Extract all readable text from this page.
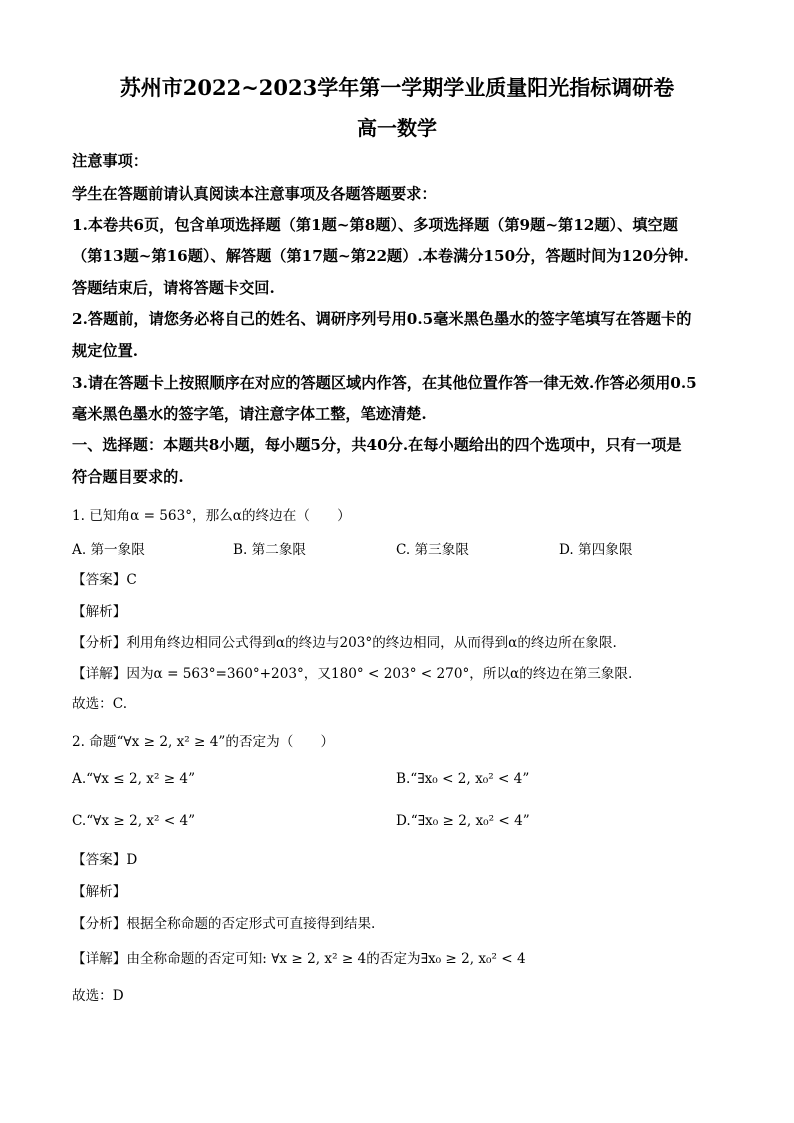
苏州市2022~2023学年第一学期学业质量阳光指标调研卷
高一数学
注意事项：
学生在答题前请认真阅读本注意事项及各题答题要求：
1.本卷共6页，包含单项选择题（第1题~第8题）、多项选择题（第9题~第12题）、填空题
（第13题~第16题）、解答题（第17题~第22题）.本卷满分150分，答题时间为120分钟.
答题结束后，请将答题卡交回.
2.答题前，请您务必将自己的姓名、调研序列号用0.5毫米黑色墨水的签字笔填写在答题卡的
规定位置.
3.请在答题卡上按照顺序在对应的答题区域内作答，在其他位置作答一律无效.作答必须用0.5
毫米黑色墨水的签字笔，请注意字体工整，笔迹清楚.
一、选择题：本题共8小题，每小题5分，共40分.在每小题给出的四个选项中，只有一项是
符合题目要求的.
1. 已知角α = 563°，那么α的终边在（　　）
A. 第一象限	B. 第二象限	C. 第三象限	D. 第四象限
【答案】C
【解析】
【分析】利用角终边相同公式得到α的终边与203°的终边相同，从而得到α的终边所在象限.
【详解】因为α = 563°=360°+203°，又180° < 203° < 270°，所以α的终边在第三象限.
故选：C.
2. 命题“∀x ≥ 2, x² ≥ 4”的否定为（　　）
A.“∀x ≤ 2, x² ≥ 4”	B.“∃x₀ < 2, x₀² < 4”
C.“∀x ≥ 2, x² < 4”	D.“∃x₀ ≥ 2, x₀² < 4”
【答案】D
【解析】
【分析】根据全称命题的否定形式可直接得到结果.
【详解】由全称命题的否定可知: ∀x ≥ 2, x² ≥ 4的否定为∃x₀ ≥ 2, x₀² < 4
故选：D
